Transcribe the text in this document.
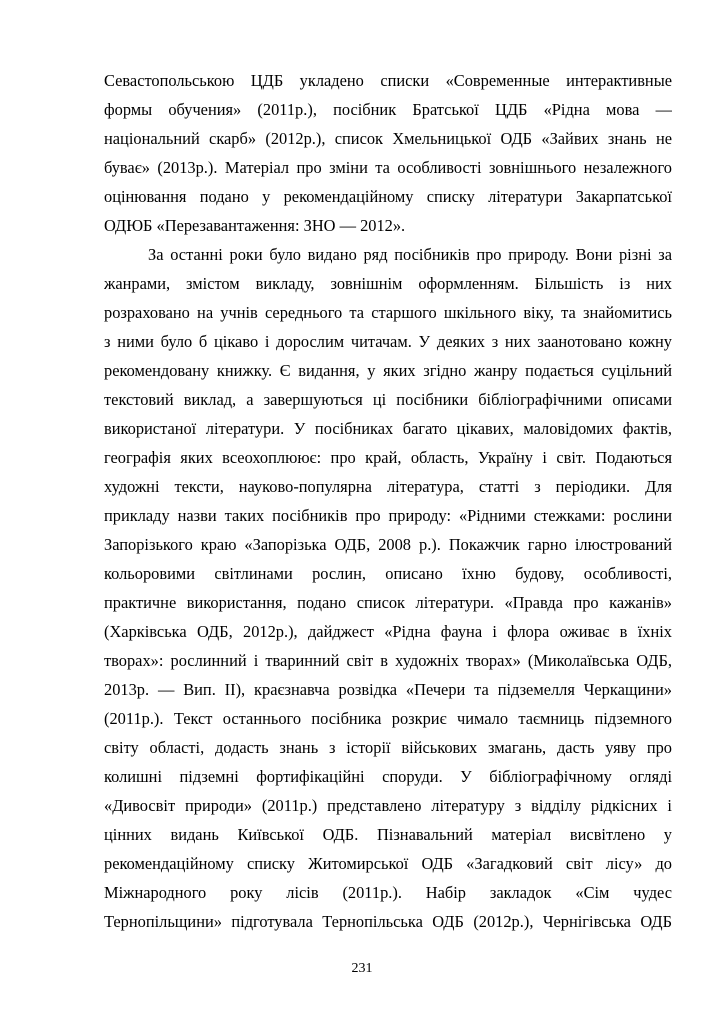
Севастопольською ЦДБ укладено списки «Современные интерактивные
формы обучения» (2011р.), посібник Братської ЦДБ «Рідна мова —
національний скарб» (2012р.), список Хмельницької ОДБ «Зайвих знань не
буває» (2013р.). Матеріал про зміни та особливості зовнішнього незалежного
оцінювання подано у рекомендаційному списку літератури Закарпатської
ОДЮБ «Перезавантаження: ЗНО — 2012».
За останні роки було видано ряд посібників про природу. Вони різні за
жанрами, змістом викладу, зовнішнім оформленням. Більшість із них
розраховано на учнів середнього та старшого шкільного віку, та знайомитись
з ними було б цікаво і дорослим читачам. У деяких з них заанотовано кожну
рекомендовану книжку. Є видання, у яких згідно жанру подається суцільний
текстовий виклад, а завершуються ці посібники бібліографічними описами
використаної літератури. У посібниках багато цікавих, маловідомих фактів,
географія яких всеохоплюює: про край, область, Україну і світ. Подаються
художні тексти, науково-популярна література, статті з періодики. Для
прикладу назви таких посібників про природу: «Рідними стежками: рослини
Запорізького краю «Запорізька ОДБ, 2008 р.). Покажчик гарно ілюстрований
кольоровими світлинами рослин, описано їхню будову, особливості,
практичне використання, подано список літератури. «Правда про кажанів»
(Харківська ОДБ, 2012р.), дайджест «Рідна фауна і флора оживає в їхніх
творах»: рослинний і тваринний світ в художніх творах» (Миколаївська ОДБ,
2013р. — Вип. II), краєзнавча розвідка «Печери та підземелля Черкащини»
(2011р.). Текст останнього посібника розкриє чимало таємниць підземного
світу області, додасть знань з історії військових змагань, дасть уяву про
колишні підземні фортифікаційні споруди. У бібліографічному огляді
«Дивосвіт природи» (2011р.) представлено літературу з відділу рідкісних і
цінних видань Київської ОДБ. Пізнавальний матеріал висвітлено у
рекомендаційному списку Житомирської ОДБ «Загадковий світ лісу» до
Міжнародного року лісів (2011р.). Набір закладок «Сім чудес
Тернопільщини» підготувала Тернопільська ОДБ (2012р.), Чернігівська ОДБ
231
